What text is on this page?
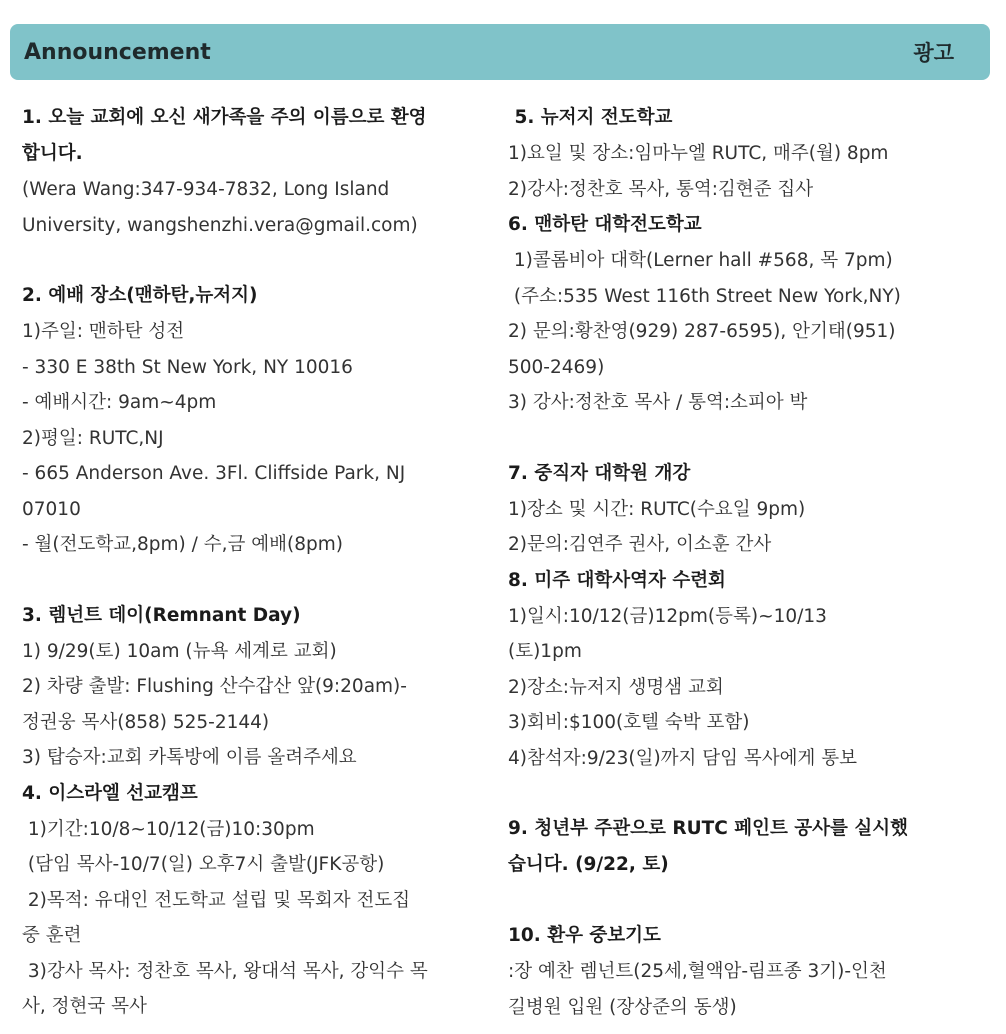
Announcement	광고
1. 오늘 교회에 오신 새가족을 주의 이름으로 환영
합니다.
(Wera Wang:347-934-7832, Long Island
University, wangshenzhi.vera@gmail.com)
2. 예배 장소(맨하탄,뉴저지)
1)주일: 맨하탄 성전
- 330 E 38th St New York, NY 10016
- 예배시간: 9am~4pm
2)평일: RUTC,NJ
- 665 Anderson Ave. 3Fl. Cliffside Park, NJ
07010
- 월(전도학교,8pm) / 수,금 예배(8pm)
3. 렘넌트 데이(Remnant Day)
1) 9/29(토) 10am (뉴욕 세계로 교회)
2) 차량 출발: Flushing 산수갑산 앞(9:20am)-
정권웅 목사(858) 525-2144)
3) 탑승자:교회 카톡방에 이름 올려주세요
4. 이스라엘 선교캠프
1)기간:10/8~10/12(금)10:30pm
(담임 목사-10/7(일) 오후7시 출발(JFK공항)
2)목적: 유대인 전도학교 설립 및 목회자 전도집
중 훈련
3)강사 목사: 정찬호 목사, 왕대석 목사, 강익수 목
사, 정현국 목사
5. 뉴저지 전도학교
1)요일 및 장소:임마누엘 RUTC, 매주(월) 8pm
2)강사:정찬호 목사, 통역:김현준 집사
6. 맨하탄 대학전도학교
1)콜롬비아 대학(Lerner hall #568, 목 7pm)
(주소:535 West 116th Street New York,NY)
2) 문의:황찬영(929) 287-6595), 안기태(951)
500-2469)
3) 강사:정찬호 목사 / 통역:소피아 박
7. 중직자 대학원 개강
1)장소 및 시간: RUTC(수요일 9pm)
2)문의:김연주 권사, 이소훈 간사
8. 미주 대학사역자 수련회
1)일시:10/12(금)12pm(등록)~10/13
(토)1pm
2)장소:뉴저지 생명샘 교회
3)회비:$100(호텔 숙박 포함)
4)참석자:9/23(일)까지 담임 목사에게 통보
9. 청년부 주관으로 RUTC 페인트 공사를 실시했
습니다. (9/22, 토)
10. 환우 중보기도
:장 예찬 렘넌트(25세,혈액암-림프종 3기)-인천
길병원 입원 (장상준의 동생)
